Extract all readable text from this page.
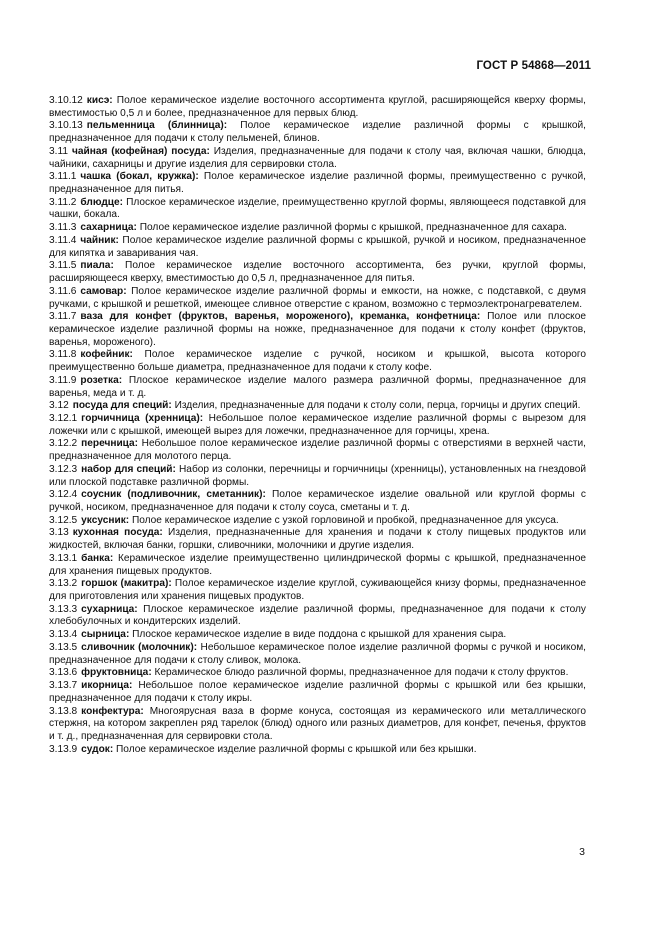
ГОСТ Р 54868—2011

3.10.12 кисэ: Полое керамическое изделие восточного ассортимента круглой, расширяющейся кверху формы, вместимостью 0,5 л и более, предназначенное для первых блюд.

3.10.13 пельменница (блинница): Полое керамическое изделие различной формы с крышкой, предназначенное для подачи к столу пельменей, блинов.

3.11 чайная (кофейная) посуда: Изделия, предназначенные для подачи к столу чая, включая чашки, блюдца, чайники, сахарницы и другие изделия для сервировки стола.

3.11.1 чашка (бокал, кружка): Полое керамическое изделие различной формы, преимущественно с ручкой, предназначенное для питья.

3.11.2 блюдце: Плоское керамическое изделие, преимущественно круглой формы, являющееся подставкой для чашки, бокала.

3.11.3 сахарница: Полое керамическое изделие различной формы с крышкой, предназначенное для сахара.

3.11.4 чайник: Полое керамическое изделие различной формы с крышкой, ручкой и носиком, предназначенное для кипятка и заваривания чая.

3.11.5 пиала: Полое керамическое изделие восточного ассортимента, без ручки, круглой формы, расширяющееся кверху, вместимостью до 0,5 л, предназначенное для питья.

3.11.6 самовар: Полое керамическое изделие различной формы и емкости, на ножке, с подставкой, с двумя ручками, с крышкой и решеткой, имеющее сливное отверстие с краном, возможно с термоэлектронагревателем.

3.11.7 ваза для конфет (фруктов, варенья, мороженого), креманка, конфетница: Полое или плоское керамическое изделие различной формы на ножке, предназначенное для подачи к столу конфет (фруктов, варенья, мороженого).

3.11.8 кофейник: Полое керамическое изделие с ручкой, носиком и крышкой, высота которого преимущественно больше диаметра, предназначенное для подачи к столу кофе.

3.11.9 розетка: Плоское керамическое изделие малого размера различной формы, предназначенное для варенья, меда и т. д.

3.12 посуда для специй: Изделия, предназначенные для подачи к столу соли, перца, горчицы и других специй.

3.12.1 горчичница (хренница): Небольшое полое керамическое изделие различной формы с вырезом для ложечки или с крышкой, имеющей вырез для ложечки, предназначенное для горчицы, хрена.

3.12.2 перечница: Небольшое полое керамическое изделие различной формы с отверстиями в верхней части, предназначенное для молотого перца.

3.12.3 набор для специй: Набор из солонки, перечницы и горчичницы (хренницы), установленных на гнездовой или плоской подставке различной формы.

3.12.4 соусник (подливочник, сметанник): Полое керамическое изделие овальной или круглой формы с ручкой, носиком, предназначенное для подачи к столу соуса, сметаны и т. д.

3.12.5 уксусник: Полое керамическое изделие с узкой горловиной и пробкой, предназначенное для уксуса.

3.13 кухонная посуда: Изделия, предназначенные для хранения и подачи к столу пищевых продуктов или жидкостей, включая банки, горшки, сливочники, молочники и другие изделия.

3.13.1 банка: Керамическое изделие преимущественно цилиндрической формы с крышкой, предназначенное для хранения пищевых продуктов.

3.13.2 горшок (макитра): Полое керамическое изделие круглой, суживающейся книзу формы, предназначенное для приготовления или хранения пищевых продуктов.

3.13.3 сухарница: Плоское керамическое изделие различной формы, предназначенное для подачи к столу хлебобулочных и кондитерских изделий.

3.13.4 сырница: Плоское керамическое изделие в виде поддона с крышкой для хранения сыра.

3.13.5 сливочник (молочник): Небольшое керамическое полое изделие различной формы с ручкой и носиком, предназначенное для подачи к столу сливок, молока.

3.13.6 фруктовница: Керамическое блюдо различной формы, предназначенное для подачи к столу фруктов.

3.13.7 икорница: Небольшое полое керамическое изделие различной формы с крышкой или без крышки, предназначенное для подачи к столу икры.

3.13.8 конфектура: Многоярусная ваза в форме конуса, состоящая из керамического или металлического стержня, на котором закреплен ряд тарелок (блюд) одного или разных диаметров, для конфет, печенья, фруктов и т. д., предназначенная для сервировки стола.

3.13.9 судок: Полое керамическое изделие различной формы с крышкой или без крышки.

3
